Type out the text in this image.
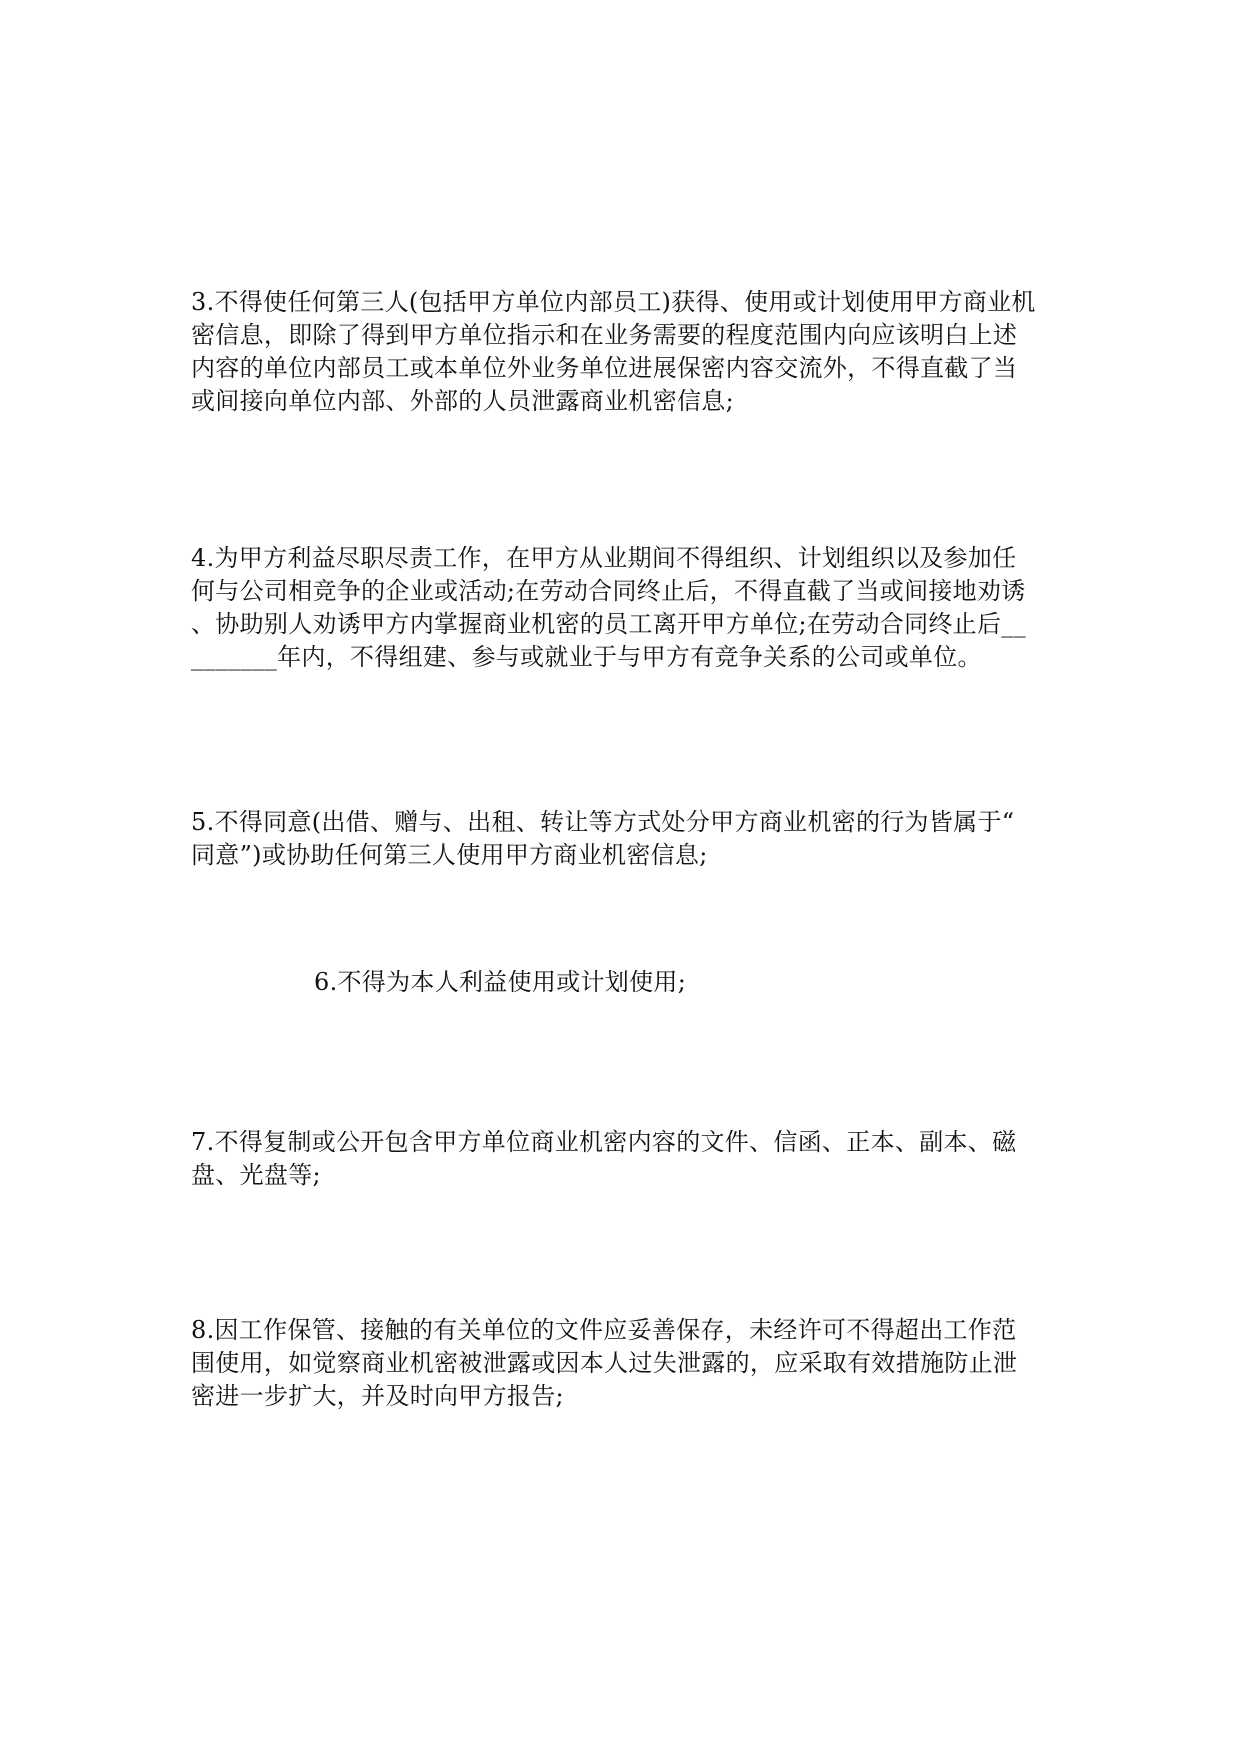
3.不得使任何第三人(包括甲方单位内部员工)获得、使用或计划使用甲方商业机
密信息，即除了得到甲方单位指示和在业务需要的程度范围内向应该明白上述
内容的单位内部员工或本单位外业务单位进展保密内容交流外，不得直截了当
或间接向单位内部、外部的人员泄露商业机密信息;

4.为甲方利益尽职尽责工作，在甲方从业期间不得组织、计划组织以及参加任
何与公司相竞争的企业或活动;在劳动合同终止后，不得直截了当或间接地劝诱
、协助别人劝诱甲方内掌握商业机密的员工离开甲方单位;在劳动合同终止后__
_______年内，不得组建、参与或就业于与甲方有竞争关系的公司或单位。

5.不得同意(出借、赠与、出租、转让等方式处分甲方商业机密的行为皆属于“
同意”)或协助任何第三人使用甲方商业机密信息;

6.不得为本人利益使用或计划使用;

7.不得复制或公开包含甲方单位商业机密内容的文件、信函、正本、副本、磁
盘、光盘等;

8.因工作保管、接触的有关单位的文件应妥善保存，未经许可不得超出工作范
围使用，如觉察商业机密被泄露或因本人过失泄露的，应采取有效措施防止泄
密进一步扩大，并及时向甲方报告;
